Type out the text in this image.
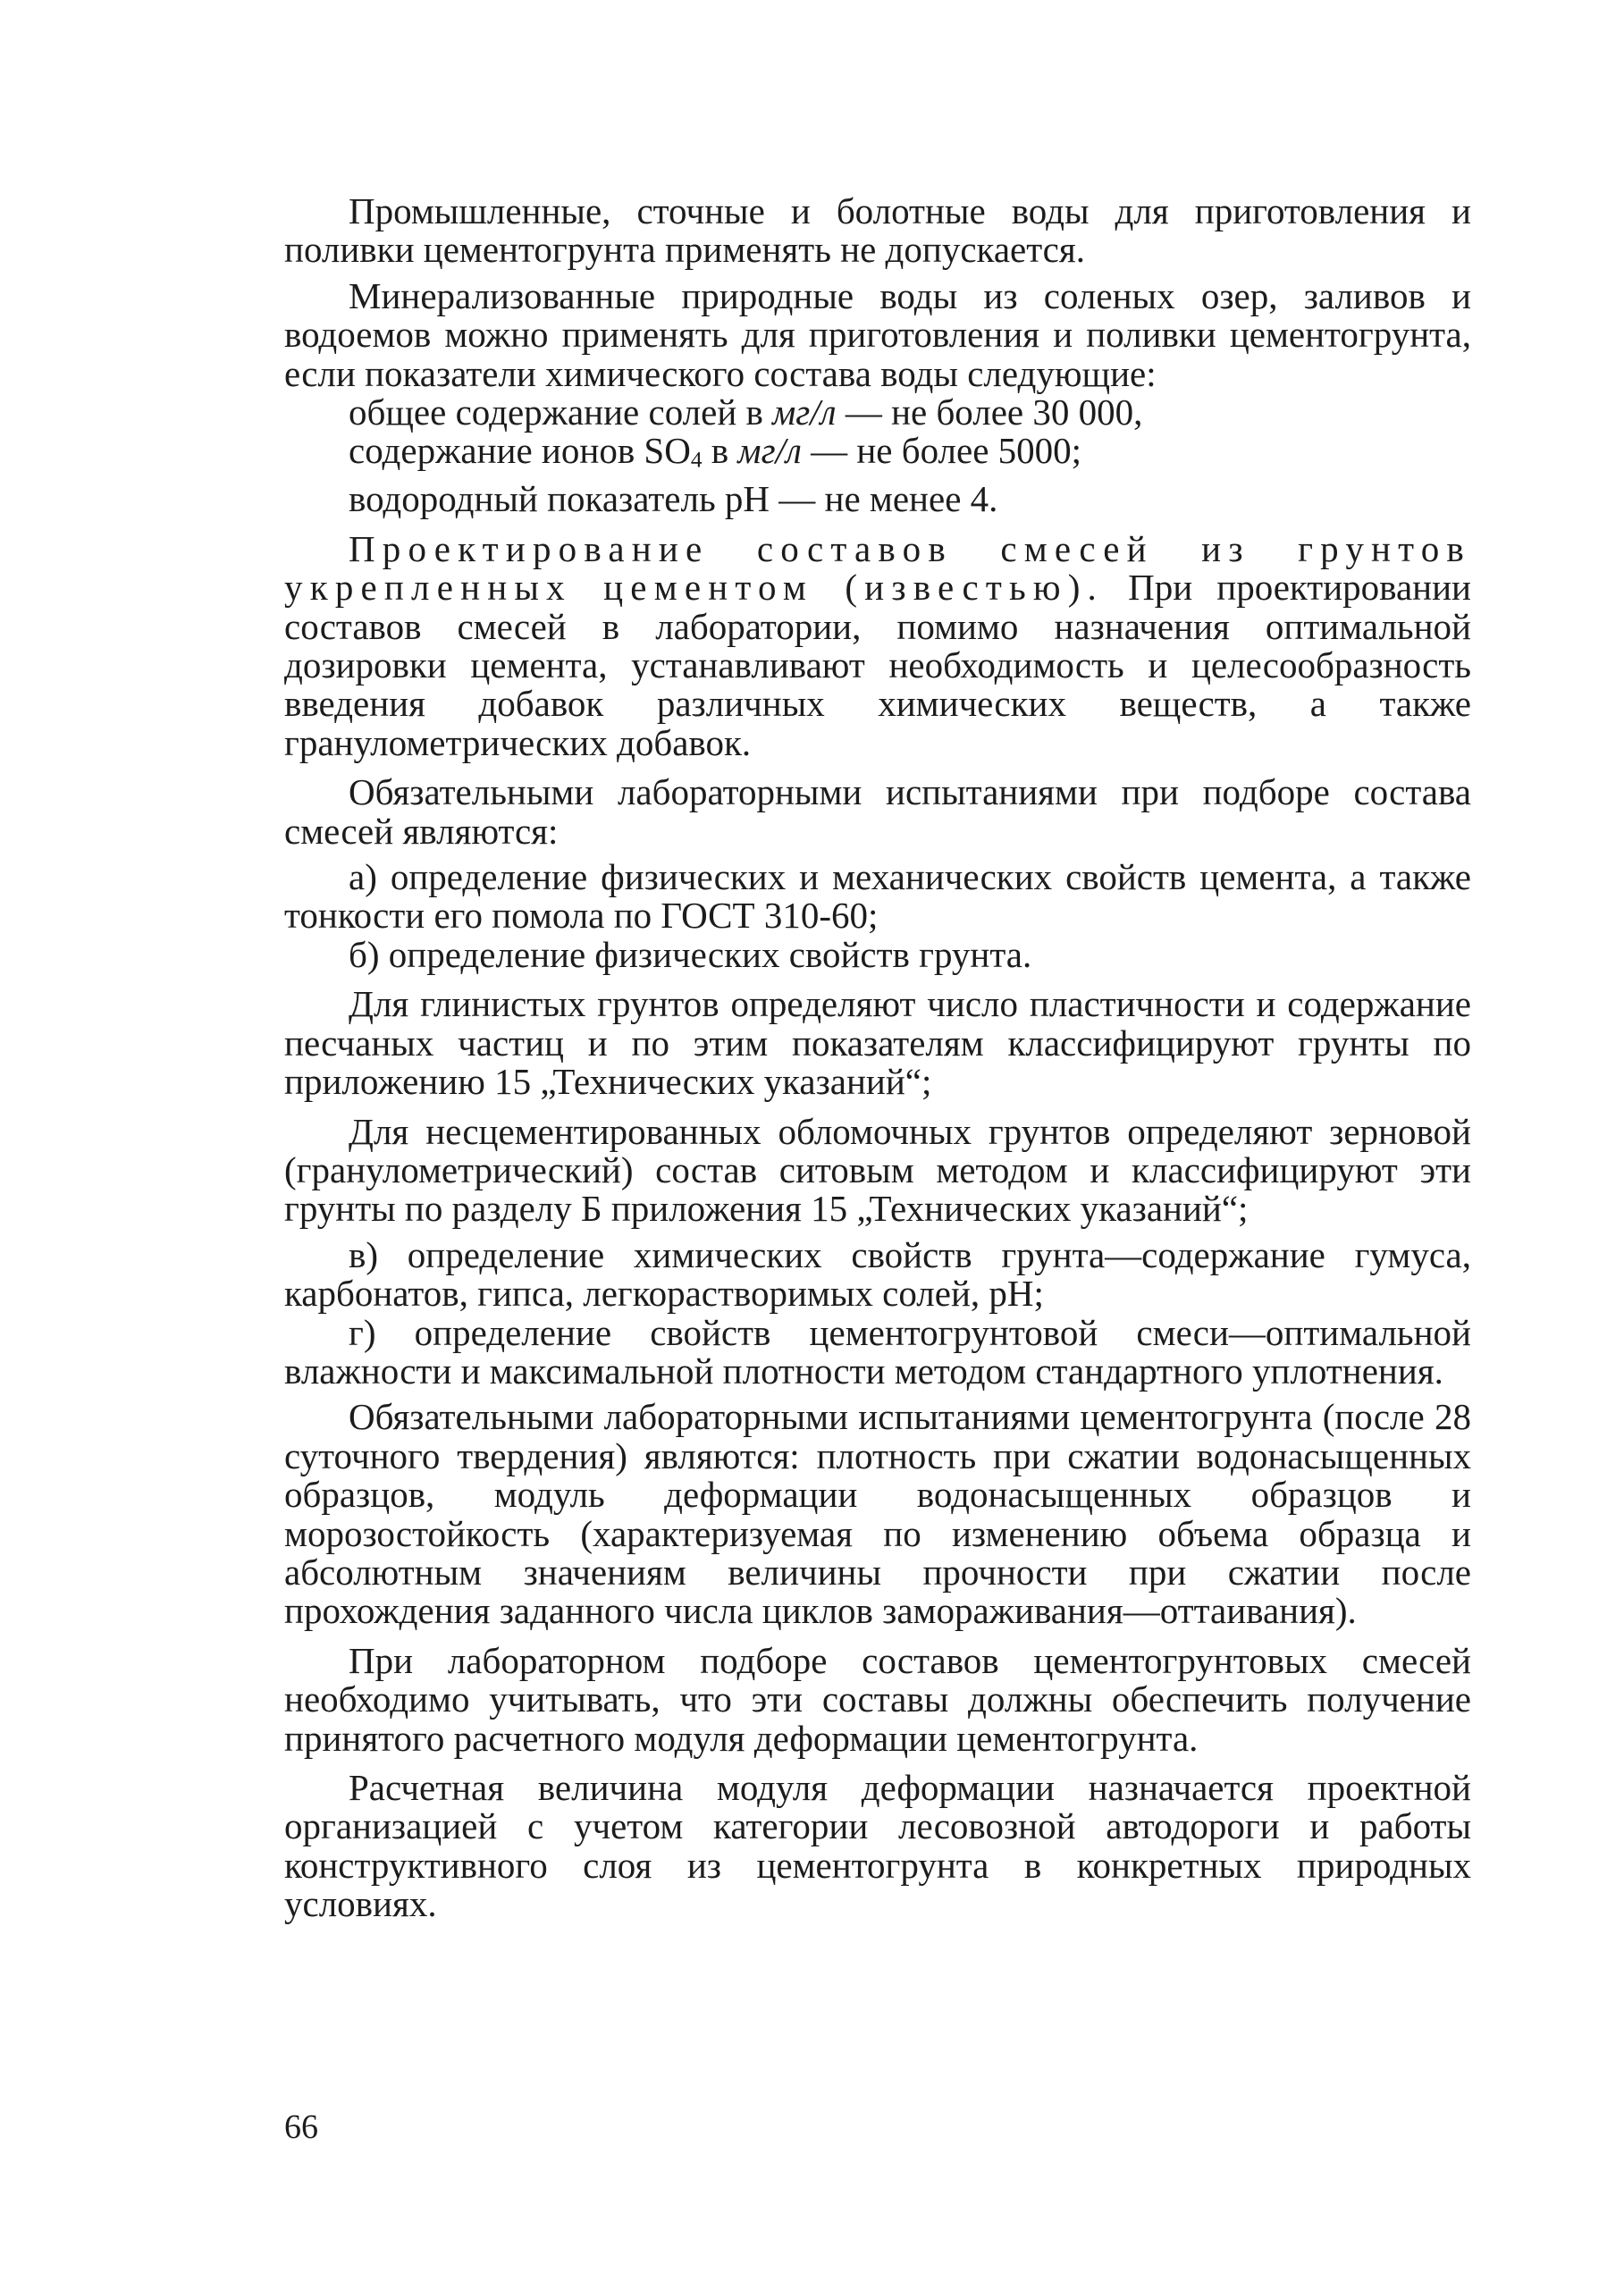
Промышленные, сточные и болотные воды для приготовления и поливки цементогрунта применять не допускается.

Минерализованные природные воды из соленых озер, заливов и водоемов можно применять для приготовления и поливки цементогрунта, если показатели химического состава воды следующие:

общее содержание солей в мг/л — не более 30 000,

содержание ионов SO4 в мг/л — не более 5000;

водородный показатель pH — не менее 4.

Проектирование составов смесей из грунтов укрепленных цементом (известью). При проектировании составов смесей в лаборатории, помимо назначения оптимальной дозировки цемента, устанавливают необходимость и целесообразность введения добавок различных химических веществ, а также гранулометрических добавок.

Обязательными лабораторными испытаниями при подборе состава смесей являются:

а) определение физических и механических свойств цемента, а также тонкости его помола по ГОСТ 310-60;

б) определение физических свойств грунта.

Для глинистых грунтов определяют число пластичности и содержание песчаных частиц и по этим показателям классифицируют грунты по приложению 15 „Технических указаний“;

Для несцементированных обломочных грунтов определяют зерновой (гранулометрический) состав ситовым методом и классифицируют эти грунты по разделу Б приложения 15 „Технических указаний“;

в) определение химических свойств грунта—содержание гумуса, карбонатов, гипса, легкорастворимых солей, pH;

г) определение свойств цементогрунтовой смеси—оптимальной влажности и максимальной плотности методом стандартного уплотнения.

Обязательными лабораторными испытаниями цементогрунта (после 28 суточного твердения) являются: плотность при сжатии водонасыщенных образцов, модуль деформации водонасыщенных образцов и морозостойкость (характеризуемая по изменению объема образца и абсолютным значениям величины прочности при сжатии после прохождения заданного числа циклов замораживания—оттаивания).

При лабораторном подборе составов цементогрунтовых смесей необходимо учитывать, что эти составы должны обеспечить получение принятого расчетного модуля деформации цементогрунта.

Расчетная величина модуля деформации назначается проектной организацией с учетом категории лесовозной автодороги и работы конструктивного слоя из цементогрунта в конкретных природных условиях.

66
